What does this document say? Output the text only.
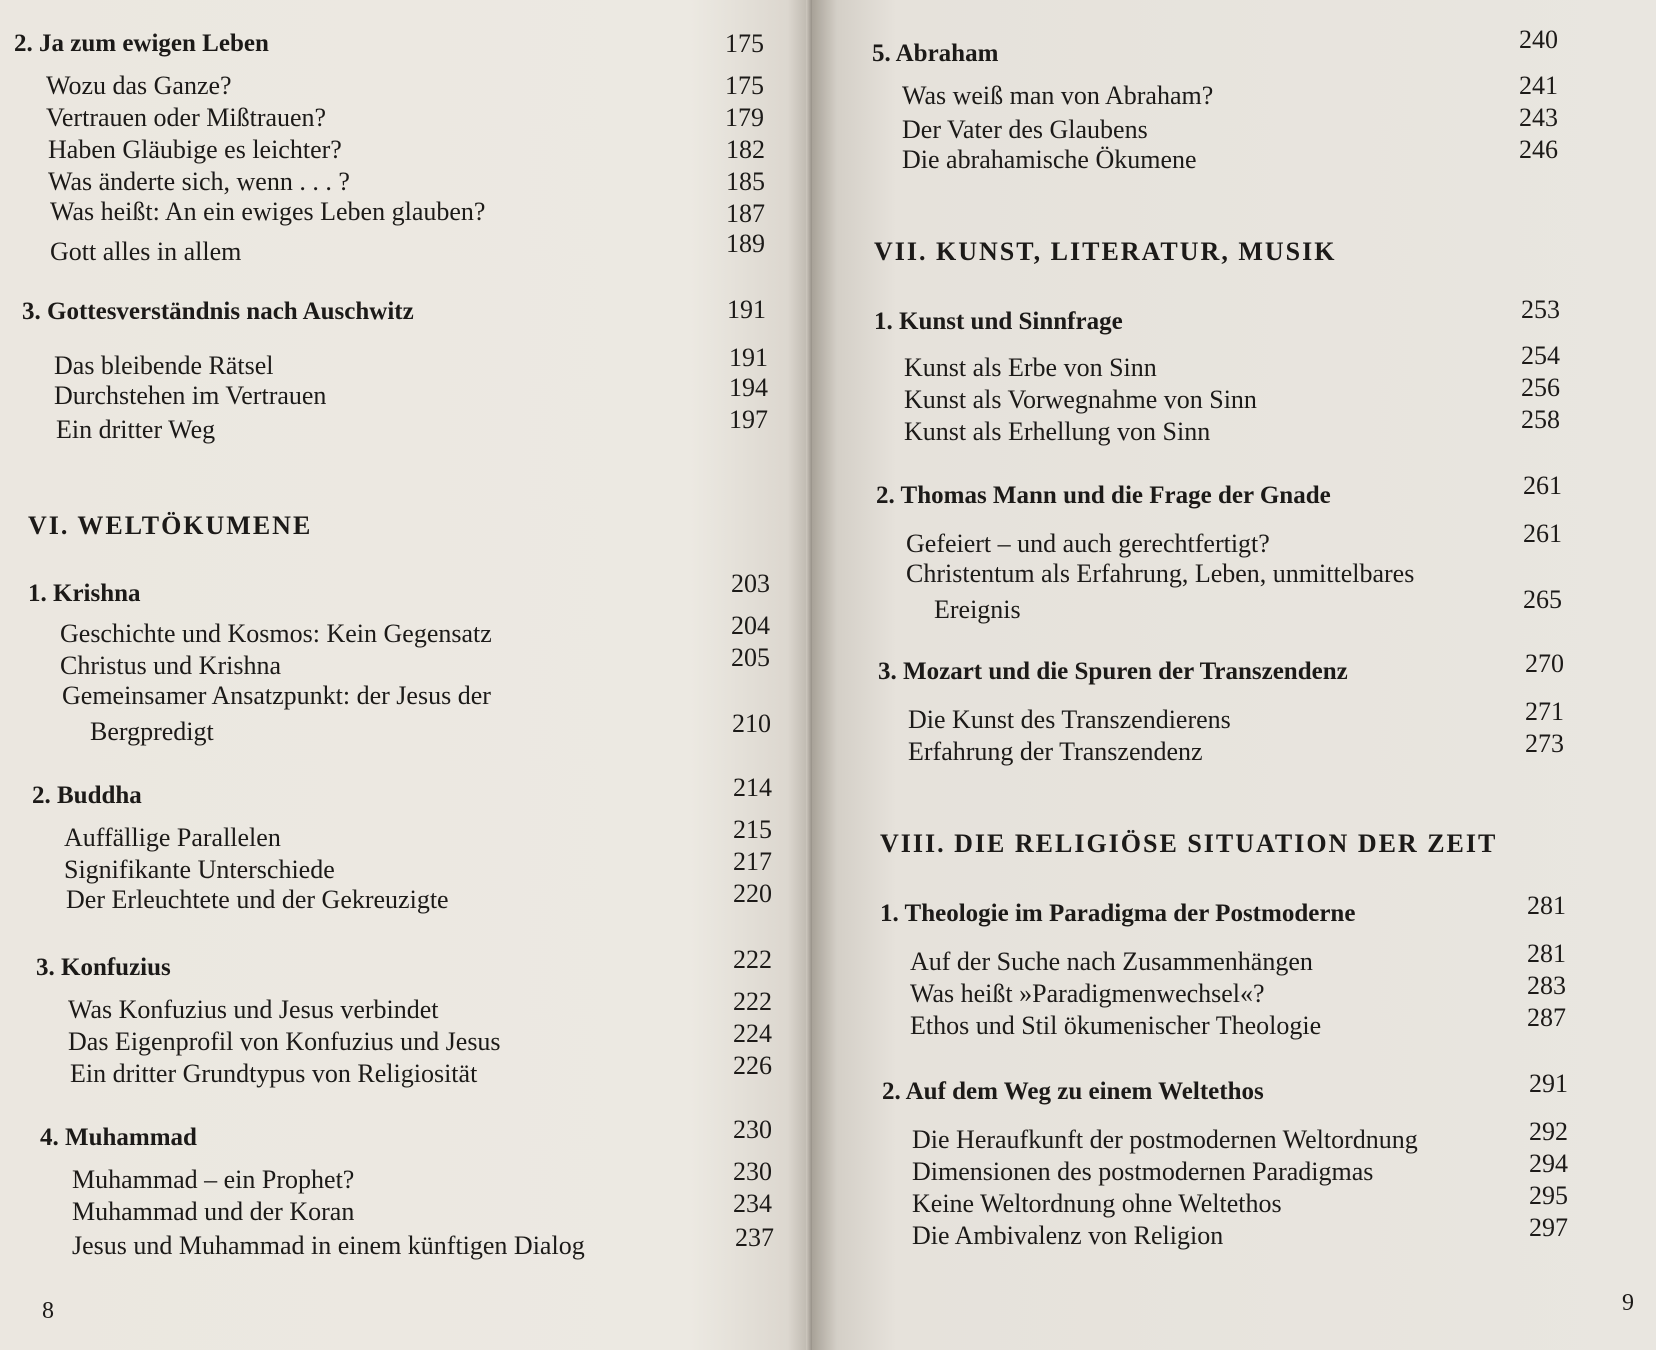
8
2. Ja zum ewigen Leben	175
Wozu das Ganze?	175
Vertrauen oder Mißtrauen?	179
Haben Gläubige es leichter?	182
Was änderte sich, wenn . . . ?	185
Was heißt: An ein ewiges Leben glauben?	187
Gott alles in allem	189
3. Gottesverständnis nach Auschwitz	191
Das bleibende Rätsel	191
Durchstehen im Vertrauen	194
Ein dritter Weg	197
VI. WELTÖKUMENE
1. Krishna	203
Geschichte und Kosmos: Kein Gegensatz	204
Christus und Krishna	205
Gemeinsamer Ansatzpunkt: der Jesus der
Bergpredigt	210
2. Buddha	214
Auffällige Parallelen	215
Signifikante Unterschiede	217
Der Erleuchtete und der Gekreuzigte	220
3. Konfuzius	222
Was Konfuzius und Jesus verbindet	222
Das Eigenprofil von Konfuzius und Jesus	224
Ein dritter Grundtypus von Religiosität	226
4. Muhammad	230
Muhammad – ein Prophet?	230
Muhammad und der Koran	234
Jesus und Muhammad in einem künftigen Dialog	237
9
5. Abraham	240
Was weiß man von Abraham?	241
Der Vater des Glaubens	243
Die abrahamische Ökumene	246
VII. KUNST, LITERATUR, MUSIK
1. Kunst und Sinnfrage	253
Kunst als Erbe von Sinn	254
Kunst als Vorwegnahme von Sinn	256
Kunst als Erhellung von Sinn	258
2. Thomas Mann und die Frage der Gnade	261
Gefeiert – und auch gerechtfertigt?	261
Christentum als Erfahrung, Leben, unmittelbares
Ereignis	265
3. Mozart und die Spuren der Transzendenz	270
Die Kunst des Transzendierens	271
Erfahrung der Transzendenz	273
VIII. DIE RELIGIÖSE SITUATION DER ZEIT
1. Theologie im Paradigma der Postmoderne	281
Auf der Suche nach Zusammenhängen	281
Was heißt »Paradigmenwechsel«?	283
Ethos und Stil ökumenischer Theologie	287
2. Auf dem Weg zu einem Weltethos	291
Die Heraufkunft der postmodernen Weltordnung	292
Dimensionen des postmodernen Paradigmas	294
Keine Weltordnung ohne Weltethos	295
Die Ambivalenz von Religion	297
